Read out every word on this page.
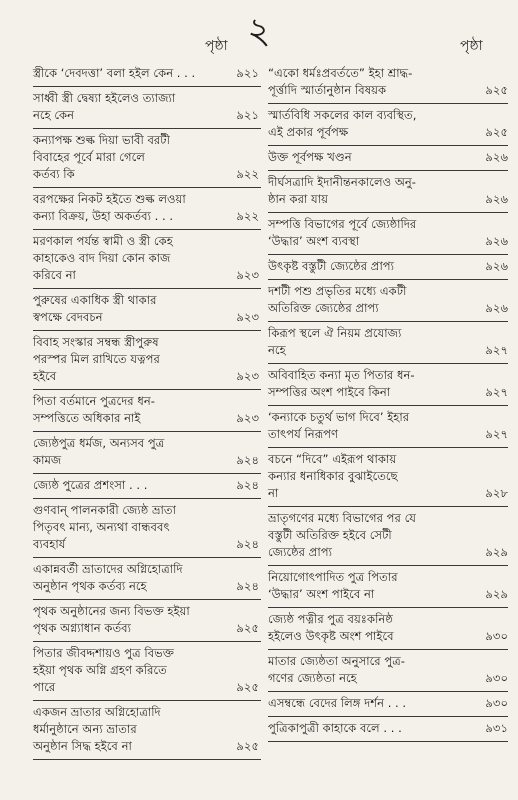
২
পৃষ্ঠা	পৃষ্ঠা
স্ত্রীকে ‘দেবদত্তা’ বলা হইল কেন . . .	৯২১
সাধ্বী স্ত্রী দ্বেষ্যা হইলেও ত্যাজ্যা
নহে কেন	৯২১
কন্যাপক্ষ শুল্ক দিয়া ভাবী বরটী
বিবাহের পূর্বে মারা গেলে
কর্তব্য কি	৯২২
বরপক্ষের নিকট হইতে শুল্ক লওয়া
কন্যা বিক্রয়, উহা অকর্তব্য . . .	৯২২
মরণকাল পর্যন্ত স্বামী ও স্ত্রী কেহ
কাহাকেও বাদ দিয়া কোন কাজ
করিবে না	৯২৩
পুরুষের একাধিক স্ত্রী থাকার
স্বপক্ষে বেদবচন	৯২৩
বিবাহ সংস্কার সম্বন্ধ স্ত্রীপুরুষ
পরস্পর মিল রাখিতে যত্নপর
হইবে	৯২৩
পিতা বর্তমানে পুত্রদের ধন-
সম্পত্তিতে অধিকার নাই	৯২৩
জ্যেষ্ঠপুত্র ধর্মজ, অন্যসব পুত্র
কামজ	৯২৪
জ্যেষ্ঠ পুত্রের প্রশংসা . . .	৯২৪
গুণবান্ পালনকারী জ্যেষ্ঠ ভ্রাতা
পিতৃবৎ মান্য, অন্যথা বান্ধববৎ
ব্যবহার্য	৯২৪
একান্নবর্তী ভ্রাতাদের অগ্নিহোত্রাদি
অনুষ্ঠান পৃথক কর্তব্য নহে	৯২৪
পৃথক অনুষ্ঠানের জন্য বিভক্ত হইয়া
পৃথক অগ্ন্যাধান কর্তব্য	৯২৫
পিতার জীবদ্দশায়ও পুত্র বিভক্ত
হইয়া পৃথক অগ্নি গ্রহণ করিতে
পারে	৯২৫
একজন ভ্রাতার অগ্নিহোত্রাদি
ধর্মানুষ্ঠানে অন্য ভ্রাতার
অনুষ্ঠান সিদ্ধ হইবে না	৯২৫
“একো ধর্মঃপ্রবর্ততে” ইহা শ্রাদ্ধ-
পূর্ত্তাদি স্মার্তানুষ্ঠান বিষয়ক	৯২৫
স্মার্তবিধি সকলের কাল ব্যবস্থিত,
এই প্রকার পূর্বপক্ষ	৯২৫
উক্ত পূর্বপক্ষ খণ্ডন	৯২৬
দীর্ঘসত্রাদি ইদানীন্তনকালেও অনু-
ষ্ঠান করা যায়	৯২৬
সম্পত্তি বিভাগের পূর্বে জ্যেষ্ঠাদির
‘উদ্ধার’ অংশ ব্যবস্থা	৯২৬
উৎকৃষ্ট বস্তুটী জ্যেষ্ঠের প্রাপ্য	৯২৬
দশটী পশু প্রভৃতির মধ্যে একটী
অতিরিক্ত জ্যেষ্ঠের প্রাপ্য	৯২৬
কিরূপ স্থলে ঐ নিয়ম প্রযোজ্য
নহে	৯২৭
অবিবাহিত কন্যা মৃত পিতার ধন-
সম্পত্তির অংশ পাইবে কিনা	৯২৭
‘কন্যাকে চতুর্থ ভাগ দিবে’ ইহার
তাৎপর্য নিরূপণ	৯২৭
বচনে “দিবে” এইরূপ থাকায়
কন্যার ধনাধিকার বুঝাইতেছে
না	৯২৮
ভ্রাতৃগণের মধ্যে বিভাগের পর যে
বস্তুটী অতিরিক্ত হইবে সেটী
জ্যেষ্ঠের প্রাপ্য	৯২৯
নিয়োগোৎপাদিত পুত্র পিতার
‘উদ্ধার’ অংশ পাইবে না	৯২৯
জ্যেষ্ঠ পত্নীর পুত্র বয়ঃকনিষ্ঠ
হইলেও উৎকৃষ্ট অংশ পাইবে	৯৩০
মাতার জ্যেষ্ঠতা অনুসারে পুত্র-
গণের জ্যেষ্ঠতা নহে	৯৩০
এসম্বন্ধে বেদের লিঙ্গ দর্শন . . .	৯৩০
পুত্রিকাপুত্রী কাহাকে বলে . . .	৯৩১
